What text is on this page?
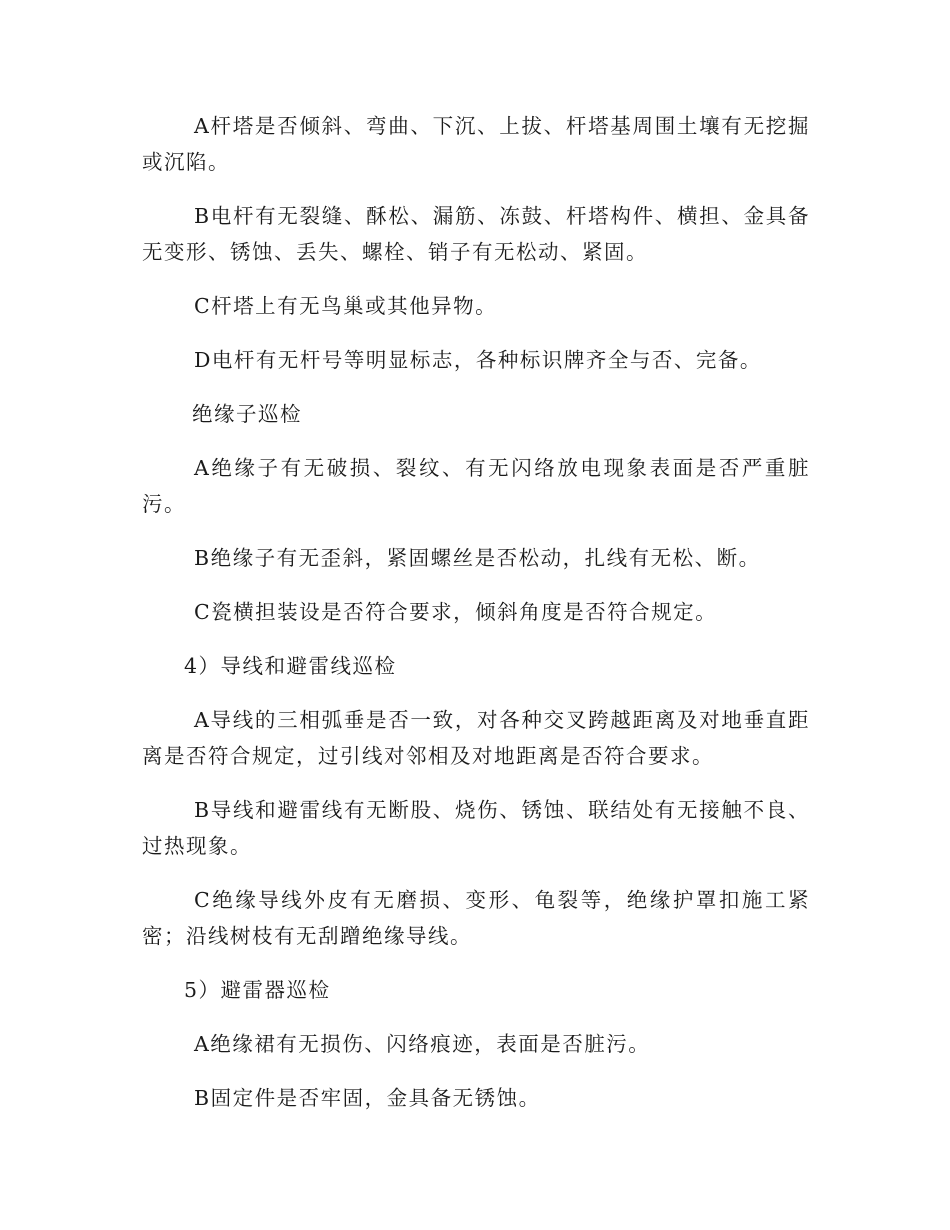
A杆塔是否倾斜、弯曲、下沉、上拔、杆塔基周围土壤有无挖掘或沉陷。

B电杆有无裂缝、酥松、漏筋、冻鼓、杆塔构件、横担、金具备无变形、锈蚀、丢失、螺栓、销子有无松动、紧固。

C杆塔上有无鸟巢或其他异物。

D电杆有无杆号等明显标志，各种标识牌齐全与否、完备。

绝缘子巡检

A绝缘子有无破损、裂纹、有无闪络放电现象表面是否严重脏污。

B绝缘子有无歪斜，紧固螺丝是否松动，扎线有无松、断。

C瓷横担装设是否符合要求，倾斜角度是否符合规定。

4）导线和避雷线巡检

A导线的三相弧垂是否一致，对各种交叉跨越距离及对地垂直距离是否符合规定，过引线对邻相及对地距离是否符合要求。

B导线和避雷线有无断股、烧伤、锈蚀、联结处有无接触不良、过热现象。

C绝缘导线外皮有无磨损、变形、龟裂等，绝缘护罩扣施工紧密；沿线树枝有无刮蹭绝缘导线。

5）避雷器巡检

A绝缘裙有无损伤、闪络痕迹，表面是否脏污。

B固定件是否牢固，金具备无锈蚀。
